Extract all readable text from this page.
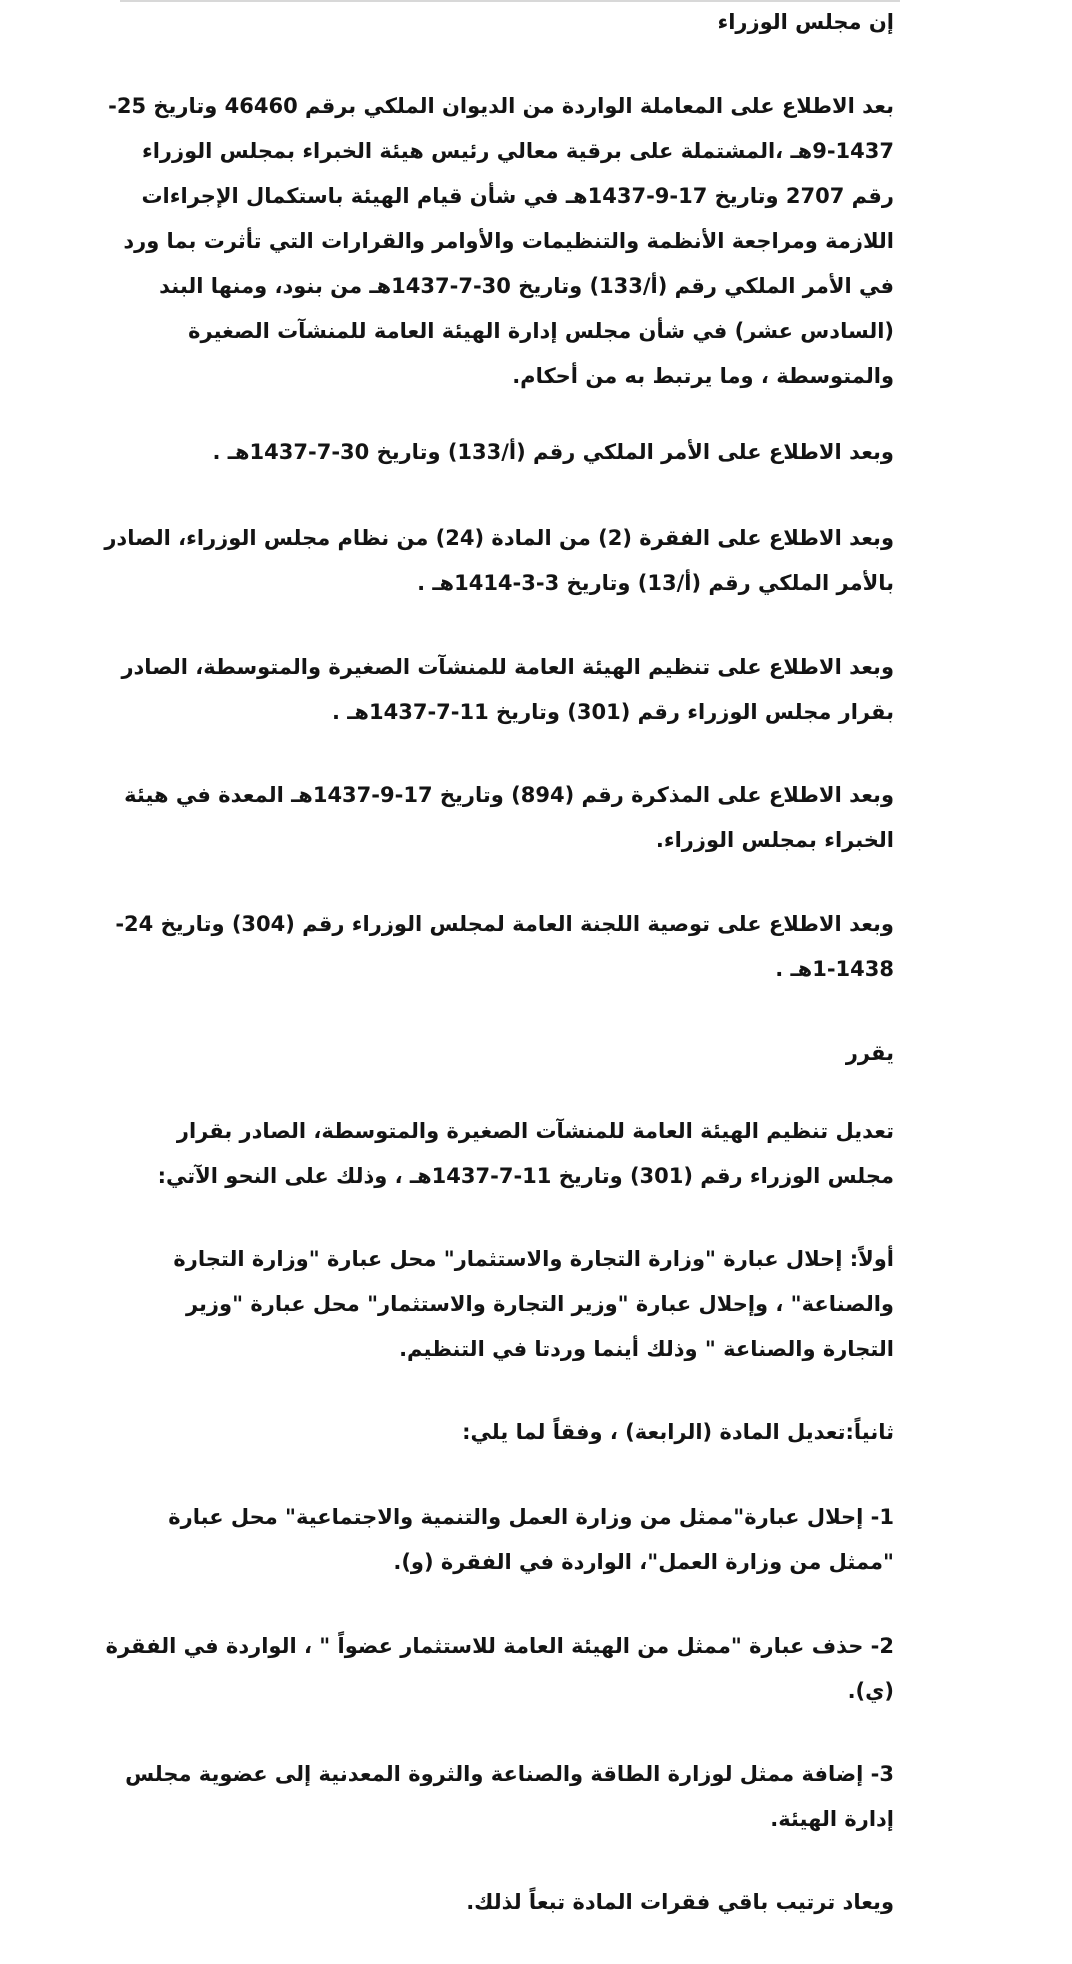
إن مجلس الوزراء

بعد الاطلاع على المعاملة الواردة من الديوان الملكي برقم 46460 وتاريخ 25-
9-1437هـ ،المشتملة على برقية معالي رئيس هيئة الخبراء بمجلس الوزراء
رقم 2707 وتاريخ 17-9-1437هـ في شأن قيام الهيئة باستكمال الإجراءات
اللازمة ومراجعة الأنظمة والتنظيمات والأوامر والقرارات التي تأثرت بما ورد
في الأمر الملكي رقم (أ/133) وتاريخ 30-7-1437هـ من بنود، ومنها البند
(السادس عشر) في شأن مجلس إدارة الهيئة العامة للمنشآت الصغيرة
والمتوسطة ، وما يرتبط به من أحكام.

وبعد الاطلاع على الأمر الملكي رقم (أ/133) وتاريخ 30-7-1437هـ .

وبعد الاطلاع على الفقرة (2) من المادة (24) من نظام مجلس الوزراء، الصادر
بالأمر الملكي رقم (أ/13) وتاريخ 3-3-1414هـ .

وبعد الاطلاع على تنظيم الهيئة العامة للمنشآت الصغيرة والمتوسطة، الصادر
بقرار مجلس الوزراء رقم (301) وتاريخ 11-7-1437هـ .

وبعد الاطلاع على المذكرة رقم (894) وتاريخ 17-9-1437هـ المعدة في هيئة
الخبراء بمجلس الوزراء.

وبعد الاطلاع على توصية اللجنة العامة لمجلس الوزراء رقم (304) وتاريخ 24-
1-1438هـ .

يقرر

تعديل تنظيم الهيئة العامة للمنشآت الصغيرة والمتوسطة، الصادر بقرار
مجلس الوزراء رقم (301) وتاريخ 11-7-1437هـ ، وذلك على النحو الآتي:

أولاً: إحلال عبارة "وزارة التجارة والاستثمار" محل عبارة "وزارة التجارة
والصناعة" ، وإحلال عبارة "وزير التجارة والاستثمار" محل عبارة "وزير
التجارة والصناعة " وذلك أينما وردتا في التنظيم.

ثانياً:تعديل المادة (الرابعة) ، وفقاً لما يلي:

1- إحلال عبارة"ممثل من وزارة العمل والتنمية والاجتماعية" محل عبارة
"ممثل من وزارة العمل"، الواردة في الفقرة (و).

2- حذف عبارة "ممثل من الهيئة العامة للاستثمار عضواً " ، الواردة في الفقرة
(ي).

3- إضافة ممثل لوزارة الطاقة والصناعة والثروة المعدنية إلى عضوية مجلس
إدارة الهيئة.

ويعاد ترتيب باقي فقرات المادة تبعاً لذلك.
